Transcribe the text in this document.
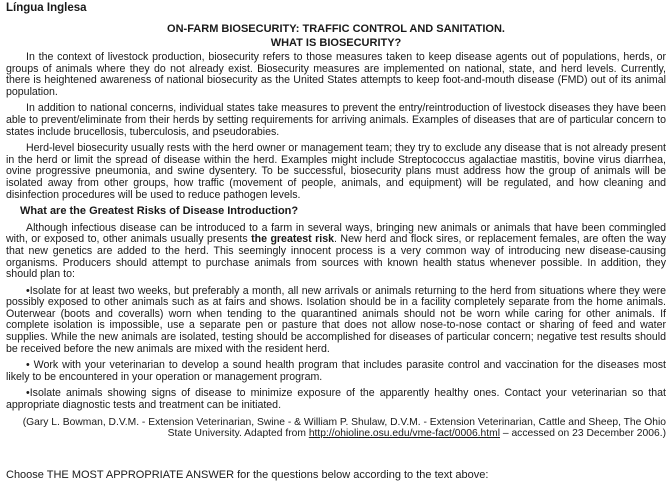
Língua Inglesa
ON-FARM BIOSECURITY: TRAFFIC CONTROL AND SANITATION.
WHAT IS BIOSECURITY?

In the context of livestock production, biosecurity refers to those measures taken to keep disease agents out of populations, herds, or groups of animals where they do not already exist. Biosecurity measures are implemented on national, state, and herd levels. Currently, there is heightened awareness of national biosecurity as the United States attempts to keep foot-and-mouth disease (FMD) out of its animal population.

In addition to national concerns, individual states take measures to prevent the entry/reintroduction of livestock diseases they have been able to prevent/eliminate from their herds by setting requirements for arriving animals. Examples of diseases that are of particular concern to states include brucellosis, tuberculosis, and pseudorabies.

Herd-level biosecurity usually rests with the herd owner or management team; they try to exclude any disease that is not already present in the herd or limit the spread of disease within the herd. Examples might include Streptococcus agalactiae mastitis, bovine virus diarrhea, ovine progressive pneumonia, and swine dysentery. To be successful, biosecurity plans must address how the group of animals will be isolated away from other groups, how traffic (movement of people, animals, and equipment) will be regulated, and how cleaning and disinfection procedures will be used to reduce pathogen levels.

What are the Greatest Risks of Disease Introduction?

Although infectious disease can be introduced to a farm in several ways, bringing new animals or animals that have been commingled with, or exposed to, other animals usually presents the greatest risk. New herd and flock sires, or replacement females, are often the way that new genetics are added to the herd. This seemingly innocent process is a very common way of introducing new disease-causing organisms. Producers should attempt to purchase animals from sources with known health status whenever possible. In addition, they should plan to:

•Isolate for at least two weeks, but preferably a month, all new arrivals or animals returning to the herd from situations where they were possibly exposed to other animals such as at fairs and shows. Isolation should be in a facility completely separate from the home animals. Outerwear (boots and coveralls) worn when tending to the quarantined animals should not be worn while caring for other animals. If complete isolation is impossible, use a separate pen or pasture that does not allow nose-to-nose contact or sharing of feed and water supplies. While the new animals are isolated, testing should be accomplished for diseases of particular concern; negative test results should be received before the new animals are mixed with the resident herd.

• Work with your veterinarian to develop a sound health program that includes parasite control and vaccination for the diseases most likely to be encountered in your operation or management program.

•Isolate animals showing signs of disease to minimize exposure of the apparently healthy ones. Contact your veterinarian so that appropriate diagnostic tests and treatment can be initiated.

(Gary L. Bowman, D.V.M. - Extension Veterinarian, Swine - & William P. Shulaw, D.V.M. - Extension Veterinarian, Cattle and Sheep, The Ohio
State University. Adapted from http://ohioline.osu.edu/vme-fact/0006.html – accessed on 23 December 2006.)
Choose THE MOST APPROPRIATE ANSWER for the questions below according to the text above:
